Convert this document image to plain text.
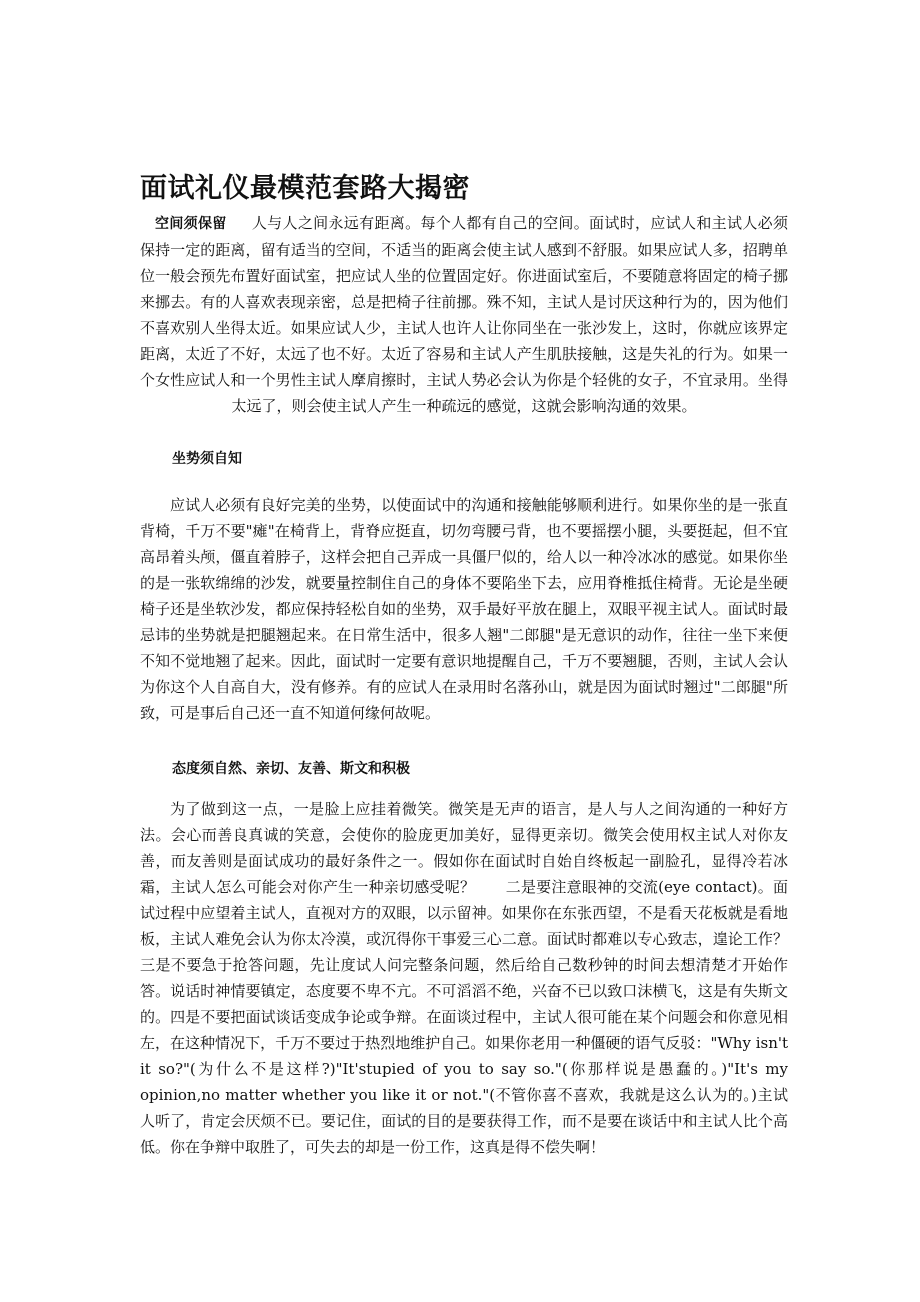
面试礼仪最模范套路大揭密

空间须保留 人与人之间永远有距离。每个人都有自己的空间。面试时，应试人和主试人必须保持一定的距离，留有适当的空间，不适当的距离会使主试人感到不舒服。如果应试人多，招聘单位一般会预先布置好面试室，把应试人坐的位置固定好。你进面试室后，不要随意将固定的椅子挪来挪去。有的人喜欢表现亲密，总是把椅子往前挪。殊不知，主试人是讨厌这种行为的，因为他们不喜欢别人坐得太近。如果应试人少，主试人也许人让你同坐在一张沙发上，这时，你就应该界定距离，太近了不好，太远了也不好。太近了容易和主试人产生肌肤接触，这是失礼的行为。如果一个女性应试人和一个男性主试人摩肩擦时，主试人势必会认为你是个轻佻的女子，不宜录用。坐得太远了，则会使主试人产生一种疏远的感觉，这就会影响沟通的效果。

坐势须自知

应试人必须有良好完美的坐势，以使面试中的沟通和接触能够顺利进行。如果你坐的是一张直背椅，千万不要"瘫"在椅背上，背脊应挺直，切勿弯腰弓背，也不要摇摆小腿，头要挺起，但不宜高昂着头颅，僵直着脖子，这样会把自己弄成一具僵尸似的，给人以一种冷冰冰的感觉。如果你坐的是一张软绵绵的沙发，就要量控制住自己的身体不要陷坐下去，应用脊椎抵住椅背。无论是坐硬椅子还是坐软沙发，都应保持轻松自如的坐势，双手最好平放在腿上，双眼平视主试人。面试时最忌讳的坐势就是把腿翘起来。在日常生活中，很多人翘"二郎腿"是无意识的动作，往往一坐下来便不知不觉地翘了起来。因此，面试时一定要有意识地提醒自己，千万不要翘腿，否则，主试人会认为你这个人自高自大，没有修养。有的应试人在录用时名落孙山，就是因为面试时翘过"二郎腿"所致，可是事后自己还一直不知道何缘何故呢。

态度须自然、亲切、友善、斯文和积极

为了做到这一点，一是脸上应挂着微笑。微笑是无声的语言，是人与人之间沟通的一种好方法。会心而善良真诚的笑意，会使你的脸庞更加美好，显得更亲切。微笑会使用权主试人对你友善，而友善则是面试成功的最好条件之一。假如你在面试时自始自终板起一副脸孔，显得冷若冰霜，主试人怎么可能会对你产生一种亲切感受呢？　　二是要注意眼神的交流(eye contact)。面试过程中应望着主试人，直视对方的双眼，以示留神。如果你在东张西望，不是看天花板就是看地板，主试人难免会认为你太冷漠，或沉得你干事爱三心二意。面试时都难以专心致志，遑论工作？　　三是不要急于抢答问题，先让度试人问完整条问题，然后给自己数秒钟的时间去想清楚才开始作答。说话时神情要镇定，态度要不卑不亢。不可滔滔不绝，兴奋不已以致口沫横飞，这是有失斯文的。四是不要把面试谈话变成争论或争辩。在面谈过程中，主试人很可能在某个问题会和你意见相左，在这种情况下，千万不要过于热烈地维护自己。如果你老用一种僵硬的语气反驳："Why isn't it so?"(为什么不是这样?)"It'stupied of you to say so."(你那样说是愚蠢的。)"It's my opinion,no matter whether you like it or not."(不管你喜不喜欢，我就是这么认为的。)主试人听了，肯定会厌烦不已。要记住，面试的目的是要获得工作，而不是要在谈话中和主试人比个高低。你在争辩中取胜了，可失去的却是一份工作，这真是得不偿失啊！
